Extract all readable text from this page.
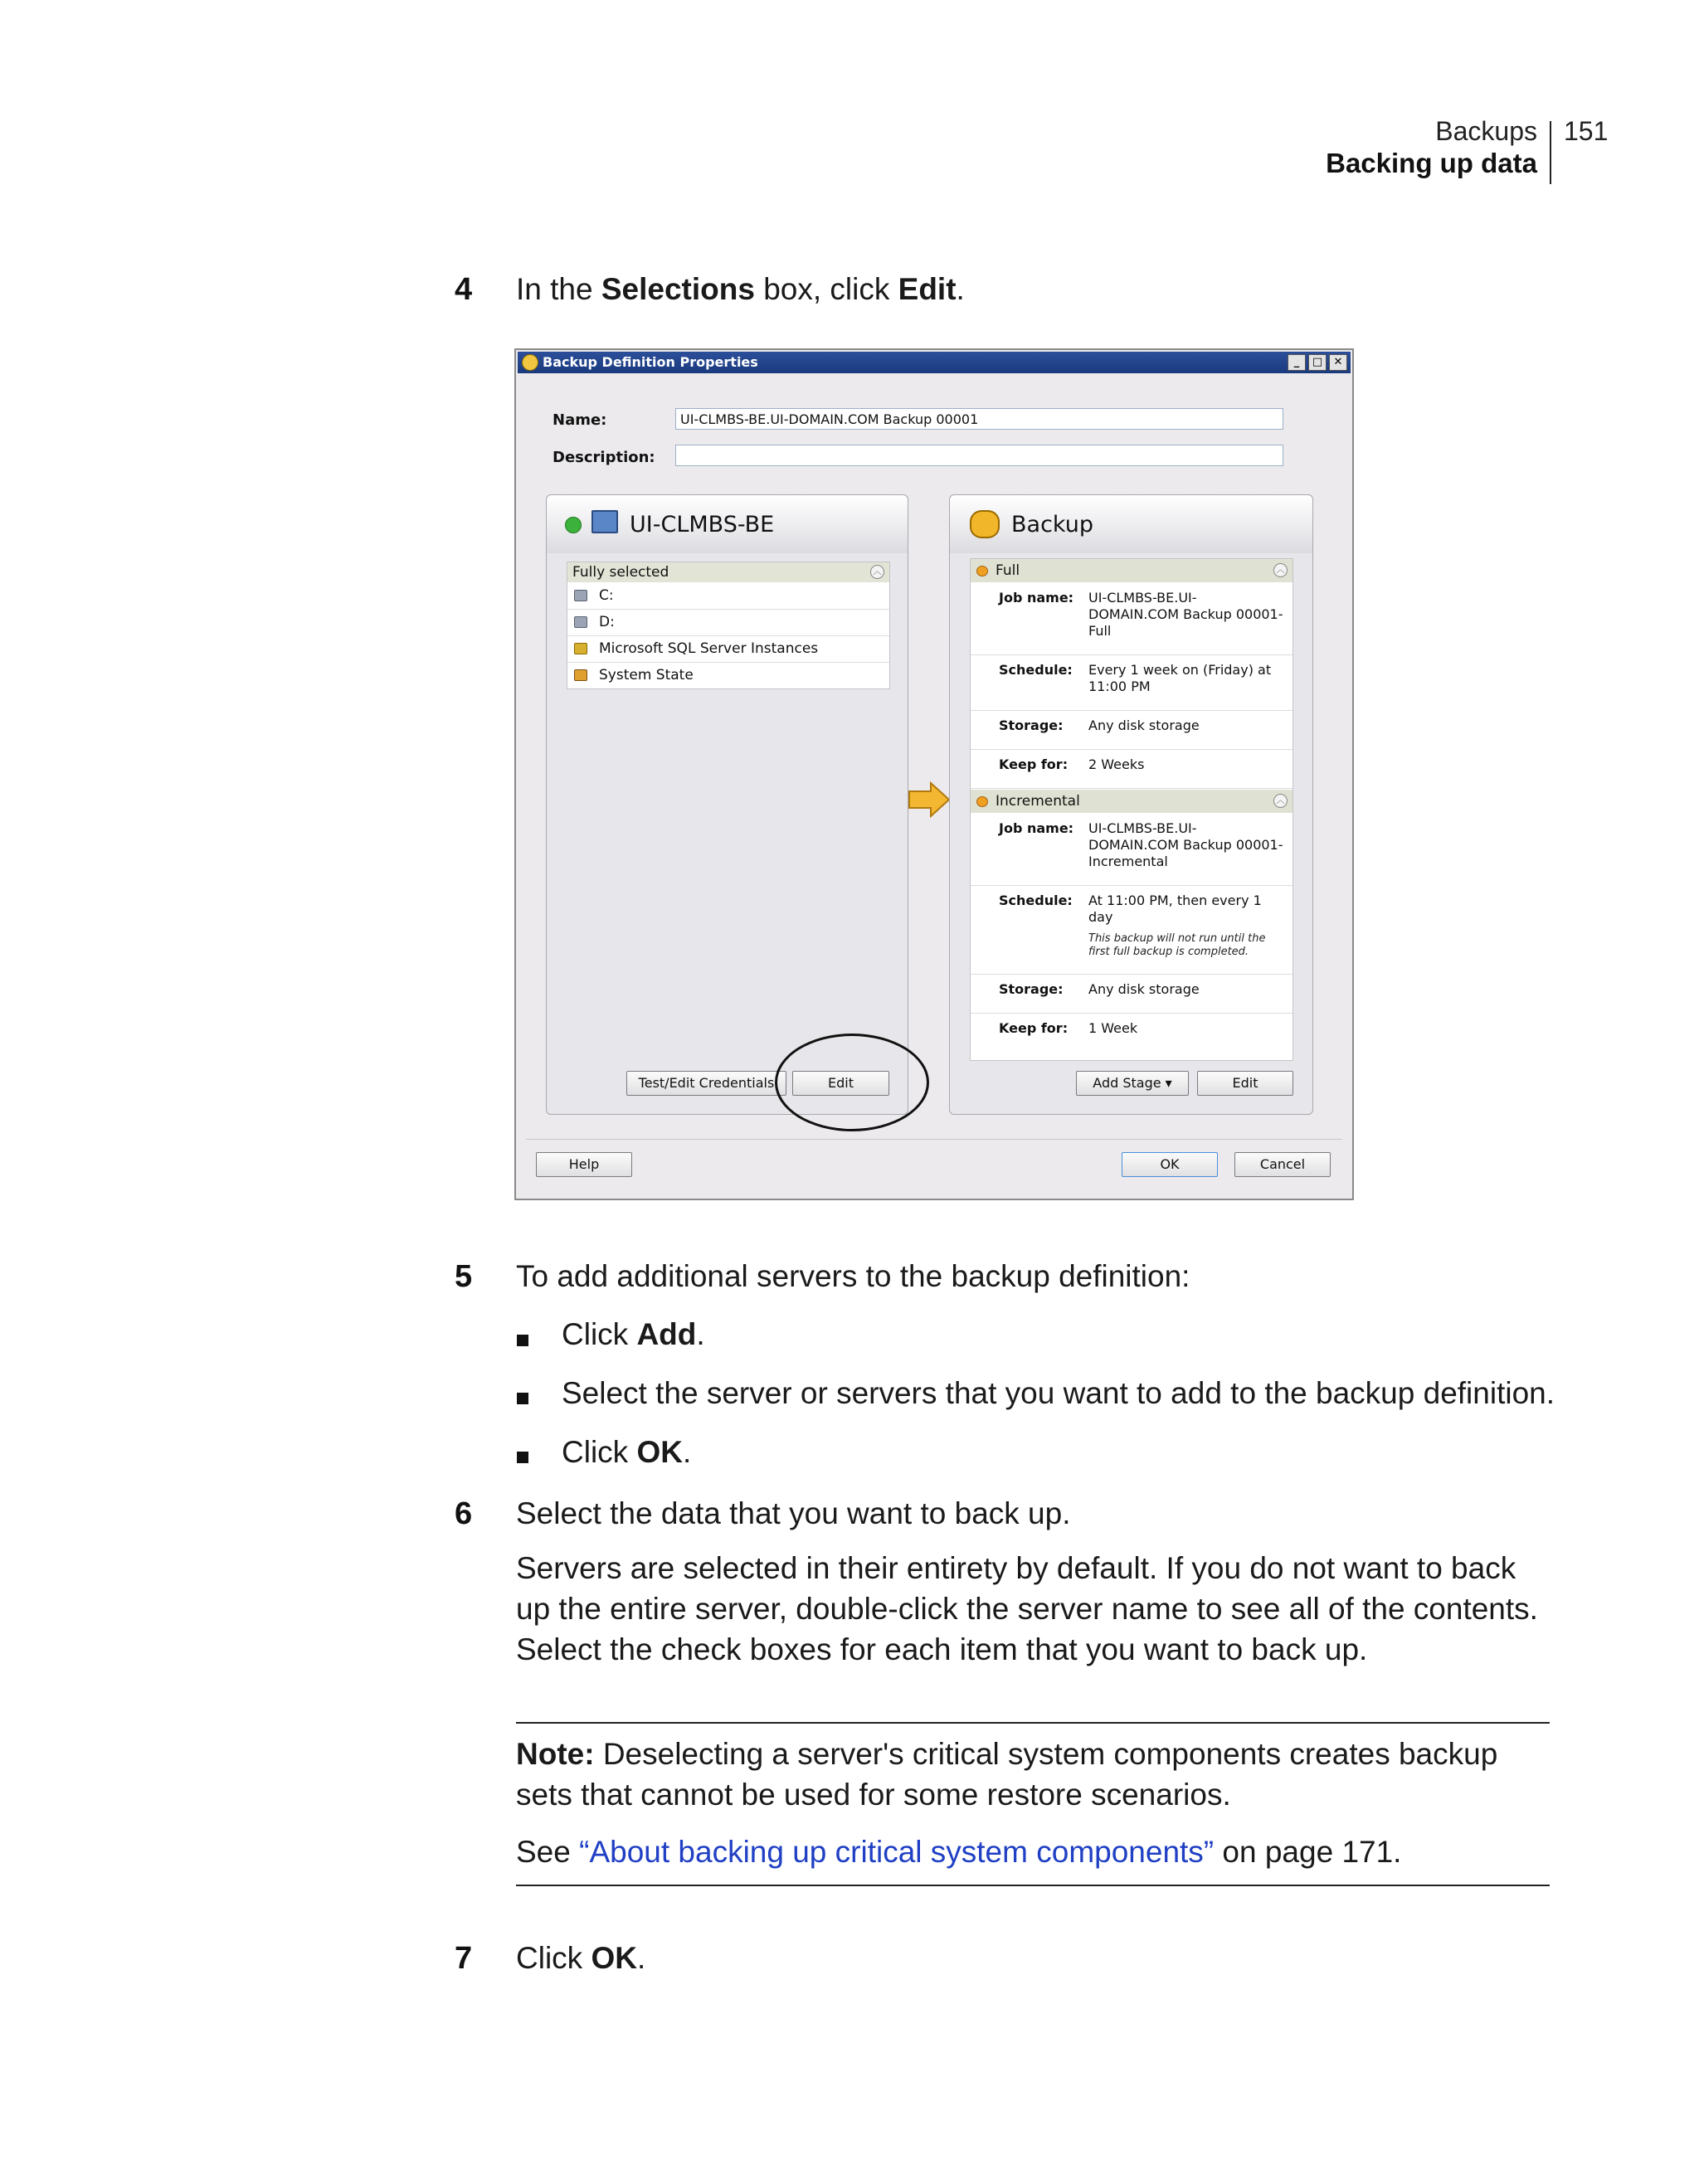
Backups
Backing up data
151
4 In the Selections box, click Edit.
Backup Definition Properties	_	□	✕
Name:	UI-CLMBS-BE.UI-DOMAIN.COM Backup 00001
Description:
UI-CLMBS-BE
Fully selected	︿
C:
D:
Microsoft SQL Server Instances
System State
Test/Edit Credentials	Edit
Backup
Full	︿
Job name: UI-CLMBS-BE.UI-DOMAIN.COM Backup 00001-Full
Schedule: Every 1 week on (Friday) at 11:00 PM
Storage: Any disk storage
Keep for: 2 Weeks
Incremental	︿
Job name: UI-CLMBS-BE.UI-DOMAIN.COM Backup 00001-Incremental
Schedule: At 11:00 PM, then every 1 day
This backup will not run until the first full backup is completed.
Storage: Any disk storage
Keep for: 1 Week
Add Stage ▾	Edit
Help	OK	Cancel
5 To add additional servers to the backup definition:
Click Add.
Select the server or servers that you want to add to the backup definition.
Click OK.
6 Select the data that you want to back up.
Servers are selected in their entirety by default. If you do not want to back up the entire server, double-click the server name to see all of the contents. Select the check boxes for each item that you want to back up.
Note: Deselecting a server's critical system components creates backup sets that cannot be used for some restore scenarios.
See “About backing up critical system components” on page 171.
7 Click OK.
